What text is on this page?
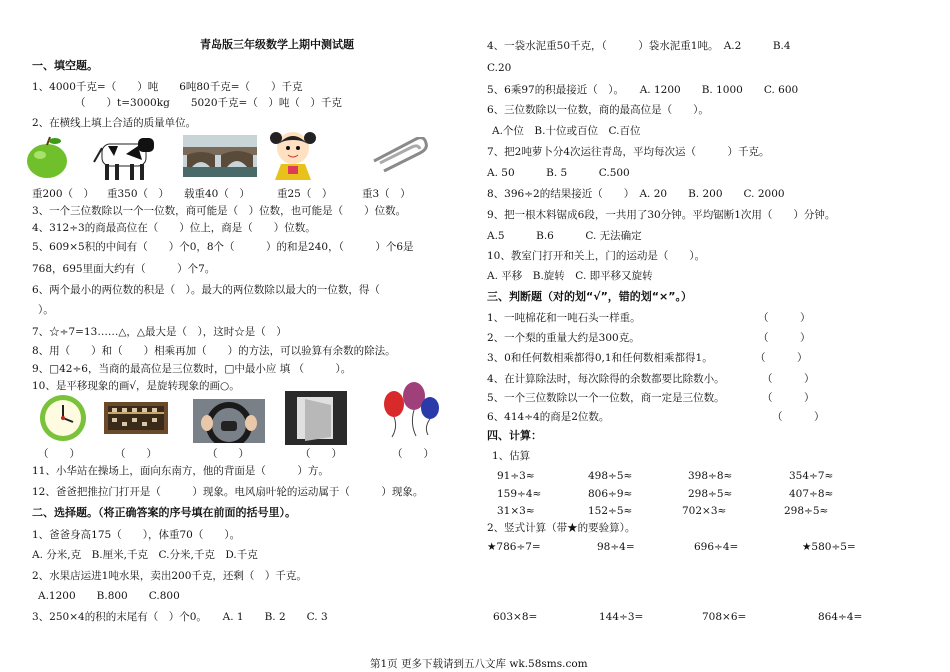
青岛版三年级数学上期中测试题
一、填空题。
1、4000千克=（　　）吨　　6吨80千克=（　　）千克
（　　）t=3000kg　　5020千克=（　）吨（　）千克
2、在横线上填上合适的质量单位。
重200（　） 重350（　） 载重40（　）	重25（　）	重3（　）
3、一个三位数除以一个一位数，商可能是（　）位数，也可能是（　　）位数。
4、312÷3的商最高位在（　　）位上，商是（　　）位数。
5、609×5积的中间有（　　）个0，8个（　　　）的和是240，（　　　）个6是
768，695里面大约有（　　　）个7。
6、两个最小的两位数的积是（　）。最大的两位数除以最大的一位数，得（
）。
7、☆÷7=13……△，△最大是（　），这时☆是（　）
8、用（　　）和（　　）相乘再加（　　）的方法，可以验算有余数的除法。
9、□42÷6，当商的最高位是三位数时，□中最小应 填 （　　　）。
10、是平移现象的画√，是旋转现象的画○。
（　　）	（　　）	（　　）	（　　）	（　　）
11、小华站在操场上，面向东南方，他的背面是（　　　）方。
12、爸爸把推拉门打开是（　　　）现象。电风扇叶轮的运动属于（　　　）现象。
二、选择题。（将正确答案的序号填在前面的括号里）。
1、爸爸身高175（　　），体重70（　　）。
A. 分米,克　B.厘米,千克　C.分米,千克　D.千克
2、水果店运进1吨水果，卖出200千克，还剩（　）千克。
A.1200　　B.800　　C.800
3、250×4的积的末尾有（　）个0。　　A. 1　　B. 2　　C. 3
4、一袋水泥重50千克，（　　　）袋水泥重1吨。　A.2　　　B.4
C.20
5、6乘97的积最接近（　）。　　A. 1200　　B. 1000　　C. 600
6、三位数除以一位数，商的最高位是（　　）。
A.个位　B.十位或百位　C.百位
7、把2吨萝卜分4次运往青岛，平均每次运（　　　）千克。
A. 50　　　B. 5　　　C.500
8、396÷2的结果接近（　　）　A. 20　　B. 200　　C. 2000
9、把一根木料锯成6段，一共用了30分钟。平均锯断1次用（　　）分钟。
A.5　　　B.6　　　C. 无法确定
10、教室门打开和关上，门的运动是（　　）。
A. 平移　B.旋转　C. 即平移又旋转
三、判断题（对的划“√”，错的划“×”。）
1、一吨棉花和一吨石头一样重。	（　　　）
2、一个梨的重量大约是300克。	（　　　）
3、0和任何数相乘都得0,1和任何数相乘都得1。	（　　　）
4、在计算除法时，每次除得的余数都要比除数小。	（　　　）
5、一个三位数除以一个一位数，商一定是三位数。	（　　　）
6、414÷4的商是2位数。	（　　　）
四、计算：
1、估算
91÷3≈	498÷5≈	398÷8≈	354÷7≈
159÷4≈	806÷9≈	298÷5≈	407÷8≈
31×3≈	152÷5≈	702×3≈	298÷5≈
2、竖式计算（带★的要验算）。
★786÷7=	98÷4=	696÷4=	★580÷5=
603×8=	144÷3=	708×6=	864÷4=
第1页 更多下载请到五八文库 wk.58sms.com
